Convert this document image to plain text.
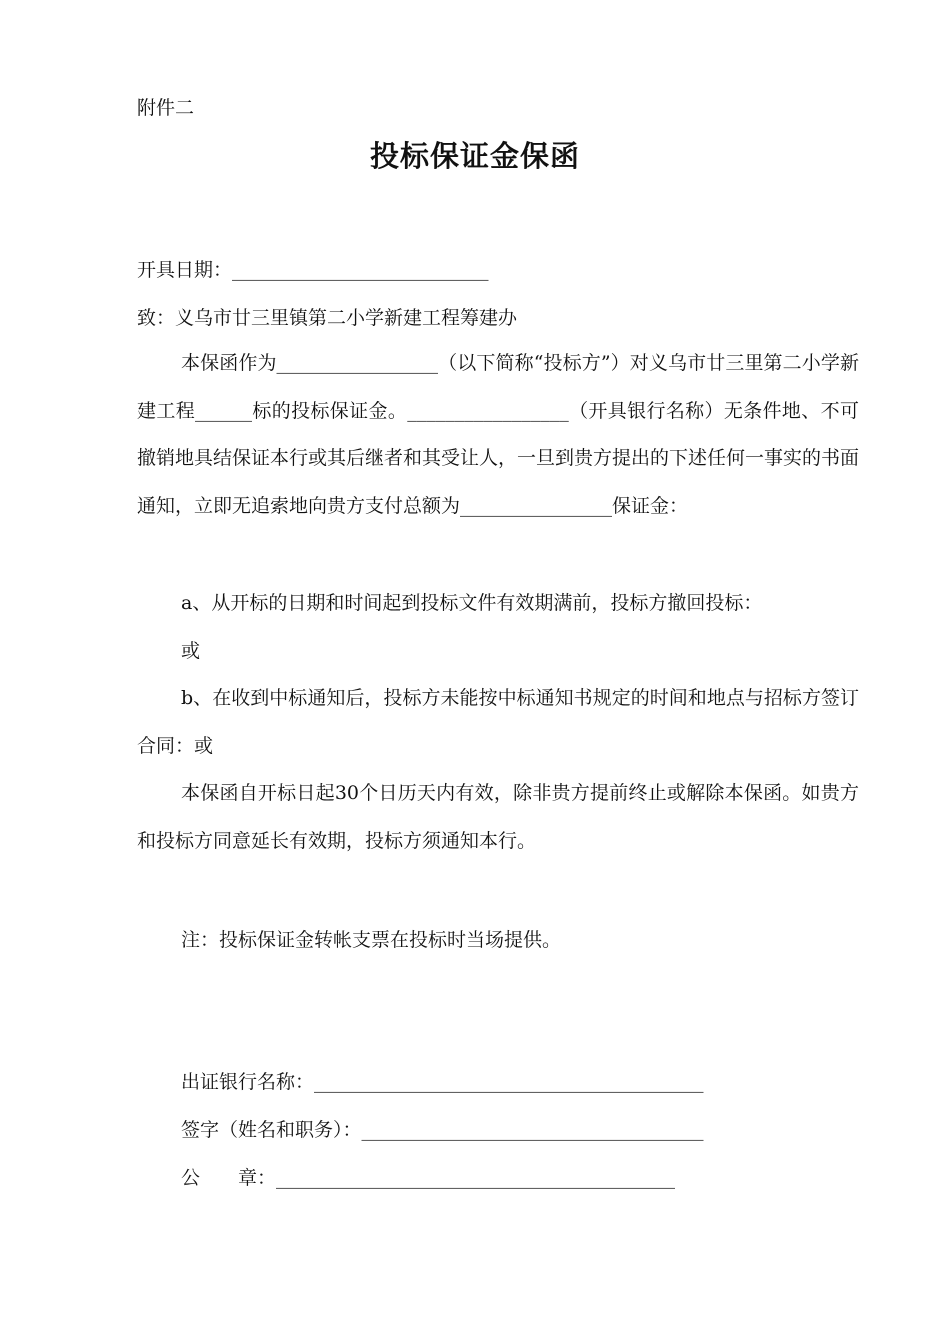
附件二
投标保证金保函
开具日期：___________________________
致：义乌市廿三里镇第二小学新建工程筹建办
本保函作为_________________（以下简称“投标方”）对义乌市廿三里第二小学新建工程______标的投标保证金。_________________（开具银行名称）无条件地、不可撤销地具结保证本行或其后继者和其受让人，一旦到贵方提出的下述任何一事实的书面通知，立即无追索地向贵方支付总额为________________保证金：
a、从开标的日期和时间起到投标文件有效期满前，投标方撤回投标：
或
b、在收到中标通知后，投标方未能按中标通知书规定的时间和地点与招标方签订合同：或
本保函自开标日起30个日历天内有效，除非贵方提前终止或解除本保函。如贵方和投标方同意延长有效期，投标方须通知本行。
注：投标保证金转帐支票在投标时当场提供。
出证银行名称：_________________________________________
签字（姓名和职务）：____________________________________
公　　章：__________________________________________
